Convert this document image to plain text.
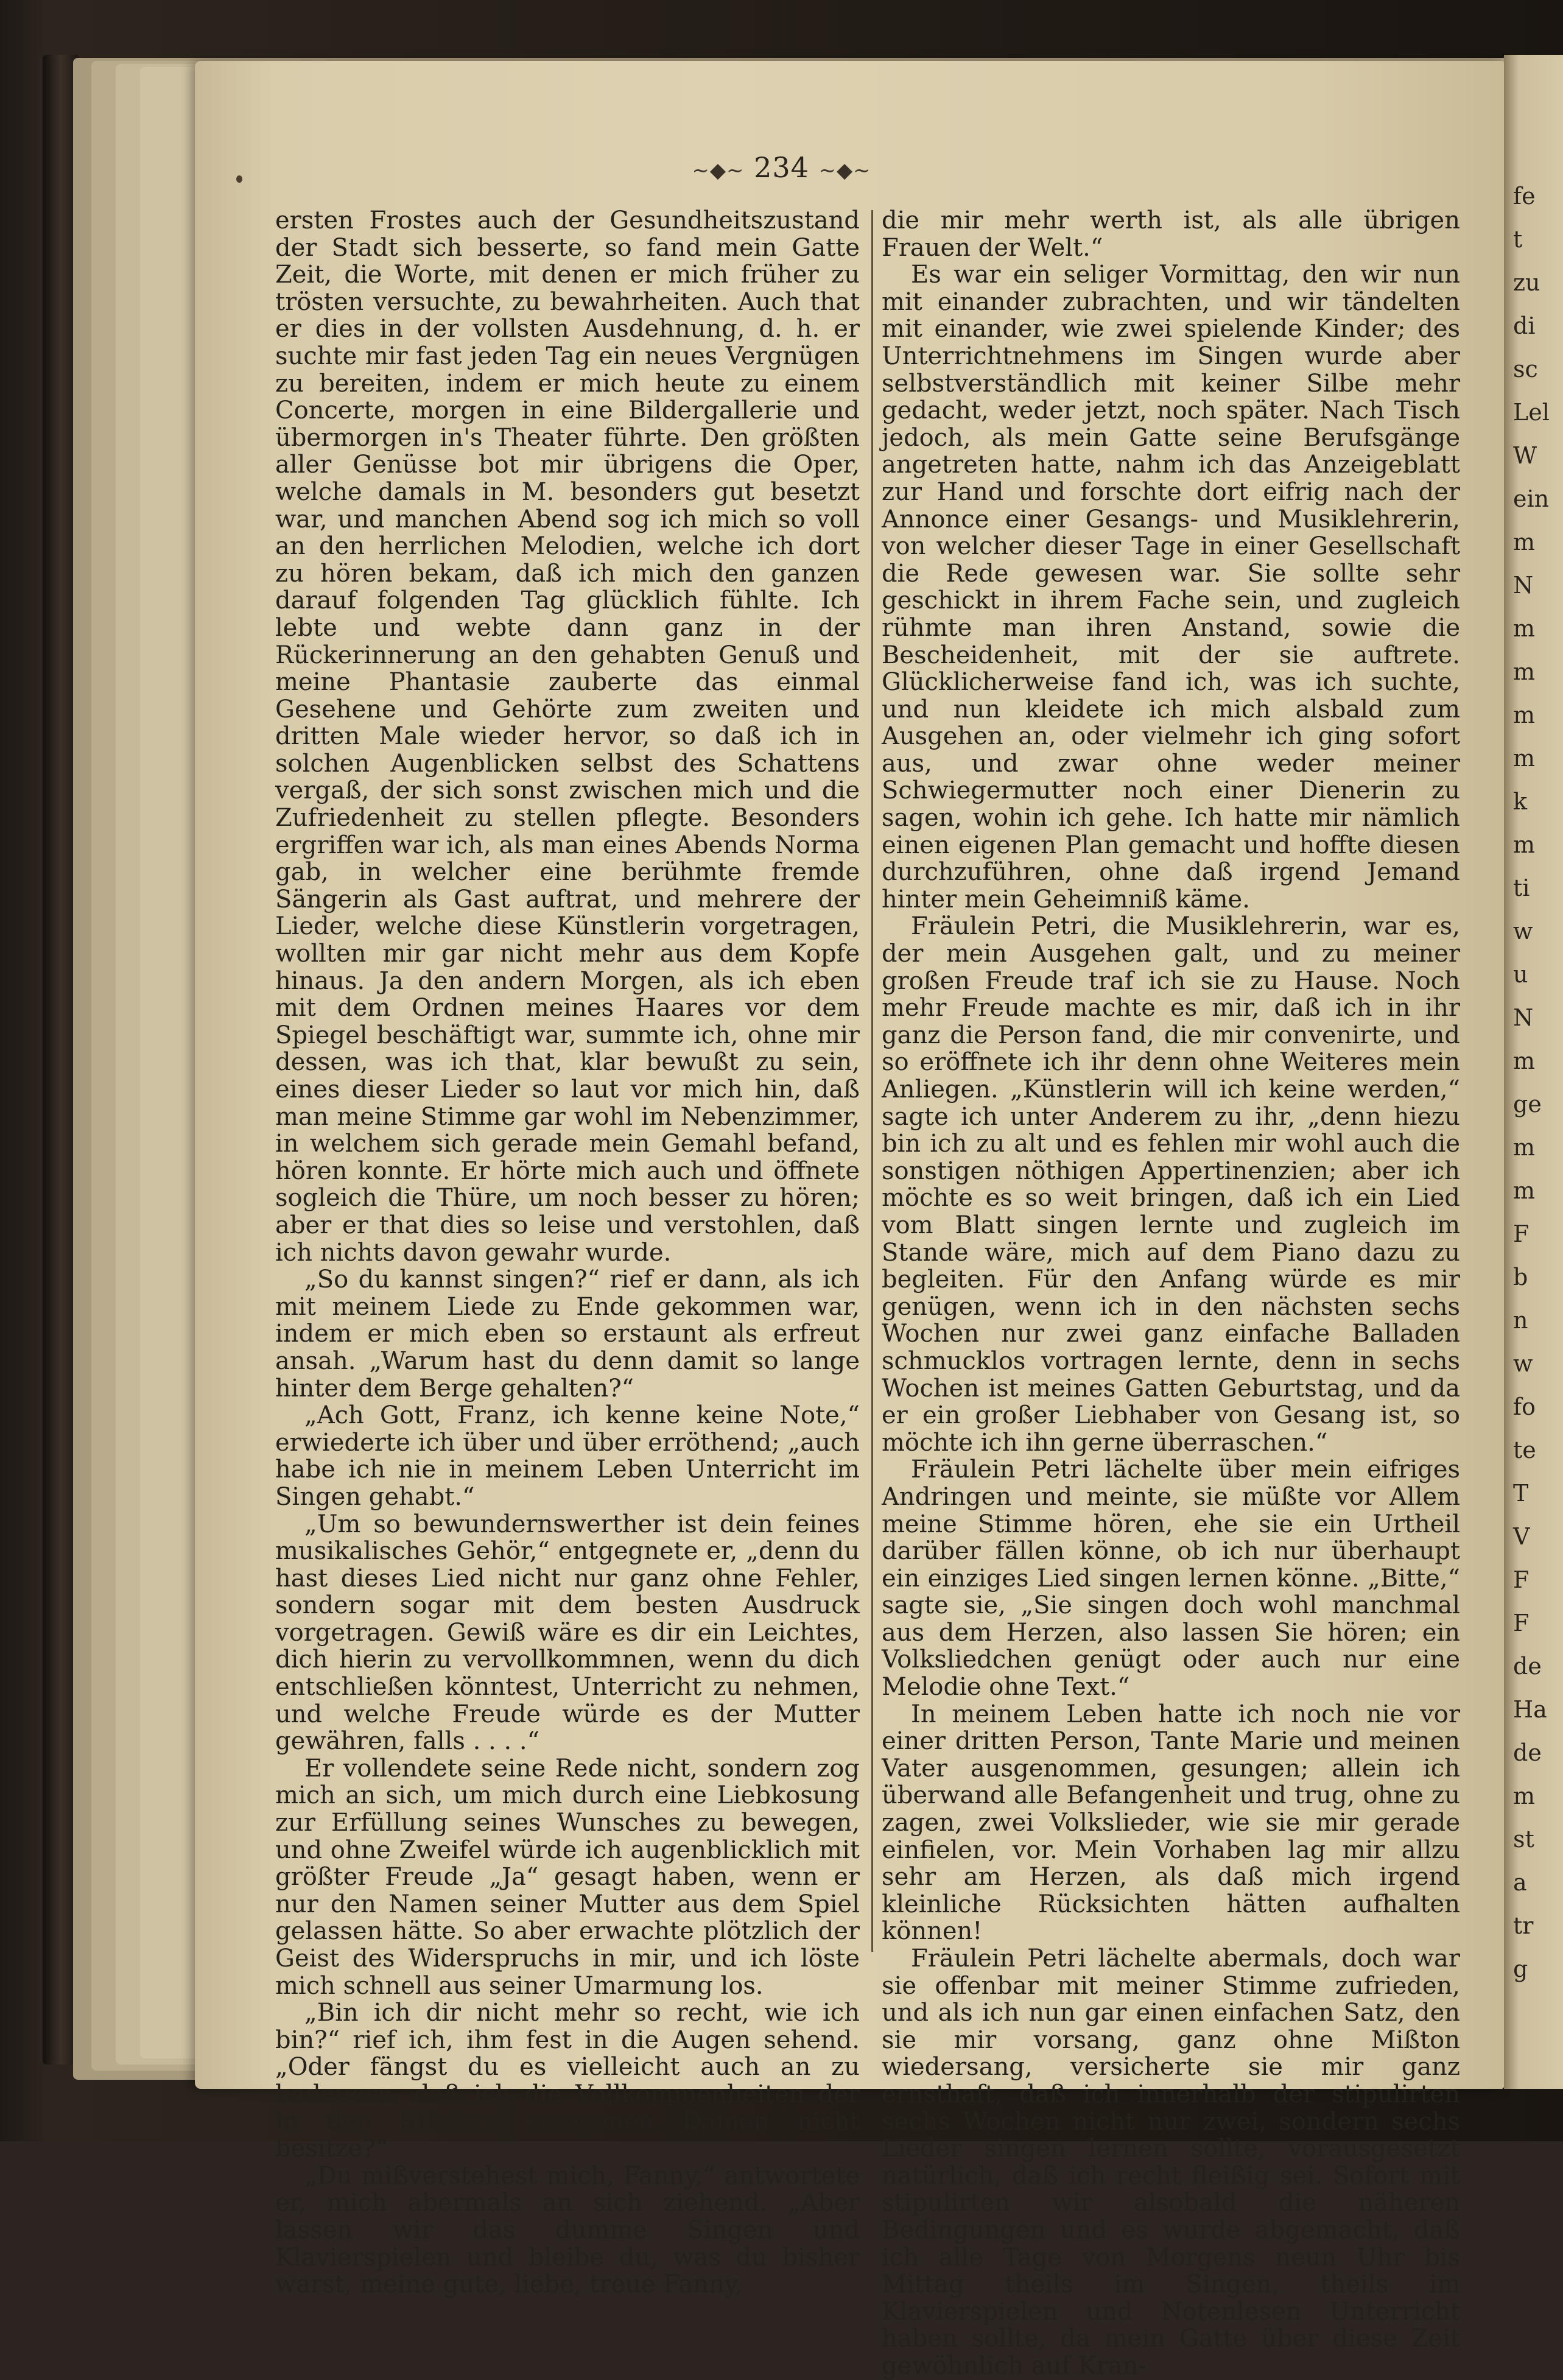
fe
t
zu
di
sc
Lel
W
ein
m
N
m
m
m
m
k
m
ti
w
u
N
m
ge
m
m
F
b
n
w
fo
te
T
V
F
F
de
Ha
de
m
st
a
tr
g
~◆~ 234 ~◆~

ersten Frostes auch der Gesundheitszustand der Stadt sich besserte, so fand mein Gatte Zeit, die Worte, mit denen er mich früher zu trösten versuchte, zu bewahrheiten. Auch that er dies in der vollsten Ausdehnung, d. h. er suchte mir fast jeden Tag ein neues Vergnügen zu bereiten, indem er mich heute zu einem Concerte, morgen in eine Bildergallerie und übermorgen in's Theater führte. Den größten aller Genüsse bot mir übrigens die Oper, welche damals in M. besonders gut besetzt war, und manchen Abend sog ich mich so voll an den herrlichen Melodien, welche ich dort zu hören bekam, daß ich mich den ganzen darauf folgenden Tag glücklich fühlte. Ich lebte und webte dann ganz in der Rückerinnerung an den gehabten Genuß und meine Phantasie zauberte das einmal Gesehene und Gehörte zum zweiten und dritten Male wieder hervor, so daß ich in solchen Augenblicken selbst des Schattens vergaß, der sich sonst zwischen mich und die Zufriedenheit zu stellen pflegte. Besonders ergriffen war ich, als man eines Abends Norma gab, in welcher eine berühmte fremde Sängerin als Gast auftrat, und mehrere der Lieder, welche diese Künstlerin vorgetragen, wollten mir gar nicht mehr aus dem Kopfe hinaus. Ja den andern Morgen, als ich eben mit dem Ordnen meines Haares vor dem Spiegel beschäftigt war, summte ich, ohne mir dessen, was ich that, klar bewußt zu sein, eines dieser Lieder so laut vor mich hin, daß man meine Stimme gar wohl im Nebenzimmer, in welchem sich gerade mein Gemahl befand, hören konnte. Er hörte mich auch und öffnete sogleich die Thüre, um noch besser zu hören; aber er that dies so leise und verstohlen, daß ich nichts davon gewahr wurde.

„So du kannst singen?“ rief er dann, als ich mit meinem Liede zu Ende gekommen war, indem er mich eben so erstaunt als erfreut ansah. „Warum hast du denn damit so lange hinter dem Berge gehalten?“

„Ach Gott, Franz, ich kenne keine Note,“ erwiederte ich über und über erröthend; „auch habe ich nie in meinem Leben Unterricht im Singen gehabt.“

„Um so bewundernswerther ist dein feines musikalisches Gehör,“ entgegnete er, „denn du hast dieses Lied nicht nur ganz ohne Fehler, sondern sogar mit dem besten Ausdruck vorgetragen. Gewiß wäre es dir ein Leichtes, dich hierin zu vervollkommnen, wenn du dich entschließen könntest, Unterricht zu nehmen, und welche Freude würde es der Mutter gewähren, falls . . . .“

Er vollendete seine Rede nicht, sondern zog mich an sich, um mich durch eine Liebkosung zur Erfüllung seines Wunsches zu bewegen, und ohne Zweifel würde ich augenblicklich mit größter Freude „Ja“ gesagt haben, wenn er nur den Namen seiner Mutter aus dem Spiel gelassen hätte. So aber erwachte plötzlich der Geist des Widerspruchs in mir, und ich löste mich schnell aus seiner Umarmung los.

„Bin ich dir nicht mehr so recht, wie ich bin?“ rief ich, ihm fest in die Augen sehend. „Oder fängst du es vielleicht auch an zu bedauern, daß ich die Vollkommenheiten der in den Städten erzogenen Damen nicht besitze?“

„Du mißverstehest mich, Fanny,“ antwortete er, mich abermals an sich ziehend. „Aber lassen wir das dumme Singen und Klavierspielen und bleibe du, was du bisher warst, meine gute, liebe, treue Fanny,

die mir mehr werth ist, als alle übrigen Frauen der Welt.“

Es war ein seliger Vormittag, den wir nun mit einander zubrachten, und wir tändelten mit einander, wie zwei spielende Kinder; des Unterrichtnehmens im Singen wurde aber selbstverständlich mit keiner Silbe mehr gedacht, weder jetzt, noch später. Nach Tisch jedoch, als mein Gatte seine Berufsgänge angetreten hatte, nahm ich das Anzeigeblatt zur Hand und forschte dort eifrig nach der Annonce einer Gesangs- und Musiklehrerin, von welcher dieser Tage in einer Gesellschaft die Rede gewesen war. Sie sollte sehr geschickt in ihrem Fache sein, und zugleich rühmte man ihren Anstand, sowie die Bescheidenheit, mit der sie auftrete. Glücklicherweise fand ich, was ich suchte, und nun kleidete ich mich alsbald zum Ausgehen an, oder vielmehr ich ging sofort aus, und zwar ohne weder meiner Schwiegermutter noch einer Dienerin zu sagen, wohin ich gehe. Ich hatte mir nämlich einen eigenen Plan gemacht und hoffte diesen durchzuführen, ohne daß irgend Jemand hinter mein Geheimniß käme.

Fräulein Petri, die Musiklehrerin, war es, der mein Ausgehen galt, und zu meiner großen Freude traf ich sie zu Hause. Noch mehr Freude machte es mir, daß ich in ihr ganz die Person fand, die mir convenirte, und so eröffnete ich ihr denn ohne Weiteres mein Anliegen. „Künstlerin will ich keine werden,“ sagte ich unter Anderem zu ihr, „denn hiezu bin ich zu alt und es fehlen mir wohl auch die sonstigen nöthigen Appertinenzien; aber ich möchte es so weit bringen, daß ich ein Lied vom Blatt singen lernte und zugleich im Stande wäre, mich auf dem Piano dazu zu begleiten. Für den Anfang würde es mir genügen, wenn ich in den nächsten sechs Wochen nur zwei ganz einfache Balladen schmucklos vortragen lernte, denn in sechs Wochen ist meines Gatten Geburtstag, und da er ein großer Liebhaber von Gesang ist, so möchte ich ihn gerne überraschen.“

Fräulein Petri lächelte über mein eifriges Andringen und meinte, sie müßte vor Allem meine Stimme hören, ehe sie ein Urtheil darüber fällen könne, ob ich nur überhaupt ein einziges Lied singen lernen könne. „Bitte,“ sagte sie, „Sie singen doch wohl manchmal aus dem Herzen, also lassen Sie hören; ein Volksliedchen genügt oder auch nur eine Melodie ohne Text.“

In meinem Leben hatte ich noch nie vor einer dritten Person, Tante Marie und meinen Vater ausgenommen, gesungen; allein ich überwand alle Befangenheit und trug, ohne zu zagen, zwei Volkslieder, wie sie mir gerade einfielen, vor. Mein Vorhaben lag mir allzu sehr am Herzen, als daß mich irgend kleinliche Rücksichten hätten aufhalten können!

Fräulein Petri lächelte abermals, doch war sie offenbar mit meiner Stimme zufrieden, und als ich nun gar einen einfachen Satz, den sie mir vorsang, ganz ohne Mißton wiedersang, versicherte sie mir ganz ernsthaft, daß ich innerhalb der stipulirten sechs Wochen nicht nur zwei, sondern sechs Lieder singen lernen sollte, vorausgesetzt natürlich, daß ich recht fleißig sei. Sofort mit stipulirten wir alsobald die näheren Bedingungen und es wurde abgemacht, daß ich alle Tage von Morgens neun Uhr bis Mittag theils im Singen, theils im Klavierspielen und Notenlesen Unterricht haben sollte, da mein Gatte über diese Zeit gewöhnlich auf Kran-
